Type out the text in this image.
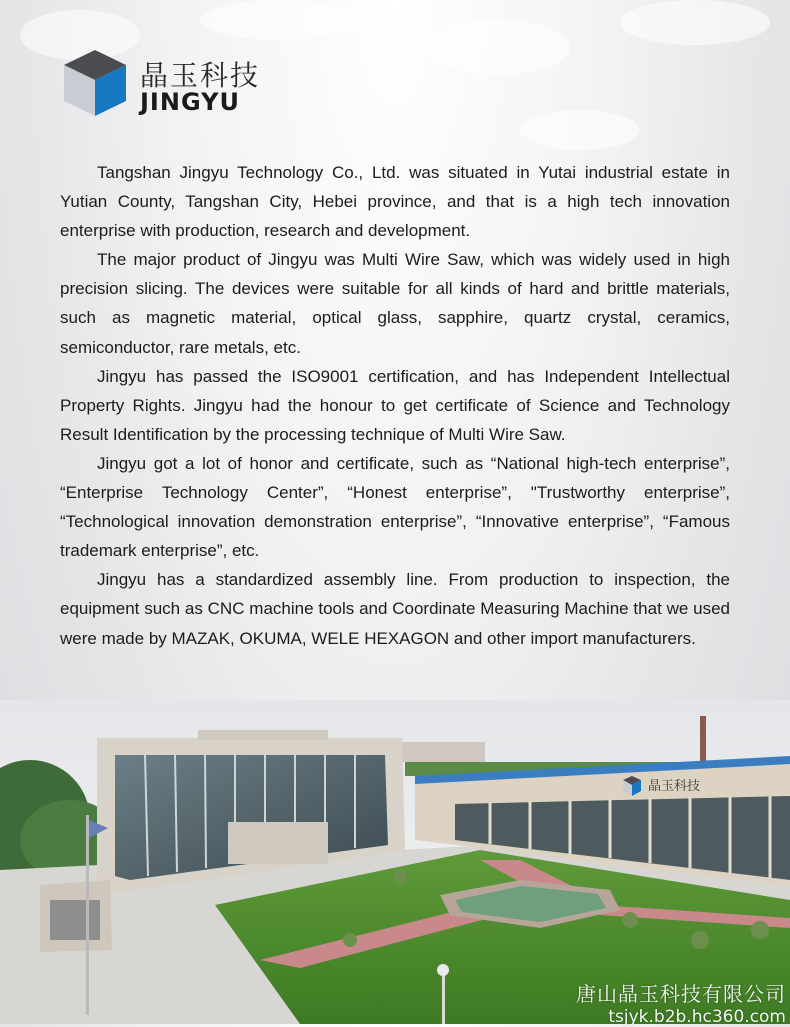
晶玉科技
JINGYU

Tangshan Jingyu Technology Co., Ltd. was situated in Yutai industrial estate in Yutian County, Tangshan City, Hebei province, and that is a high tech innovation enterprise with production, research and development.

The major product of Jingyu was Multi Wire Saw, which was widely used in high precision slicing. The devices were suitable for all kinds of hard and brittle materials, such as magnetic material, optical glass, sapphire, quartz crystal, ceramics, semiconductor, rare metals, etc.

Jingyu has passed the ISO9001 certification, and has Independent Intellectual Property Rights. Jingyu had the honour to get certificate of Science and Technology Result Identification by the processing technique of Multi Wire Saw.

Jingyu got a lot of honor and certificate, such as “National high-tech enterprise”, “Enterprise Technology Center”, “Honest enterprise”, "Trustworthy enterprise”, “Technological innovation demonstration enterprise”, “Innovative enterprise”, “Famous trademark enterprise”, etc.

Jingyu has a standardized assembly line. From production to inspection, the equipment such as CNC machine tools and Coordinate Measuring Machine that we used were made by MAZAK, OKUMA, WELE HEXAGON and other import manufacturers.

晶玉科技
唐山晶玉科技有限公司
tsjyk.b2b.hc360.com
